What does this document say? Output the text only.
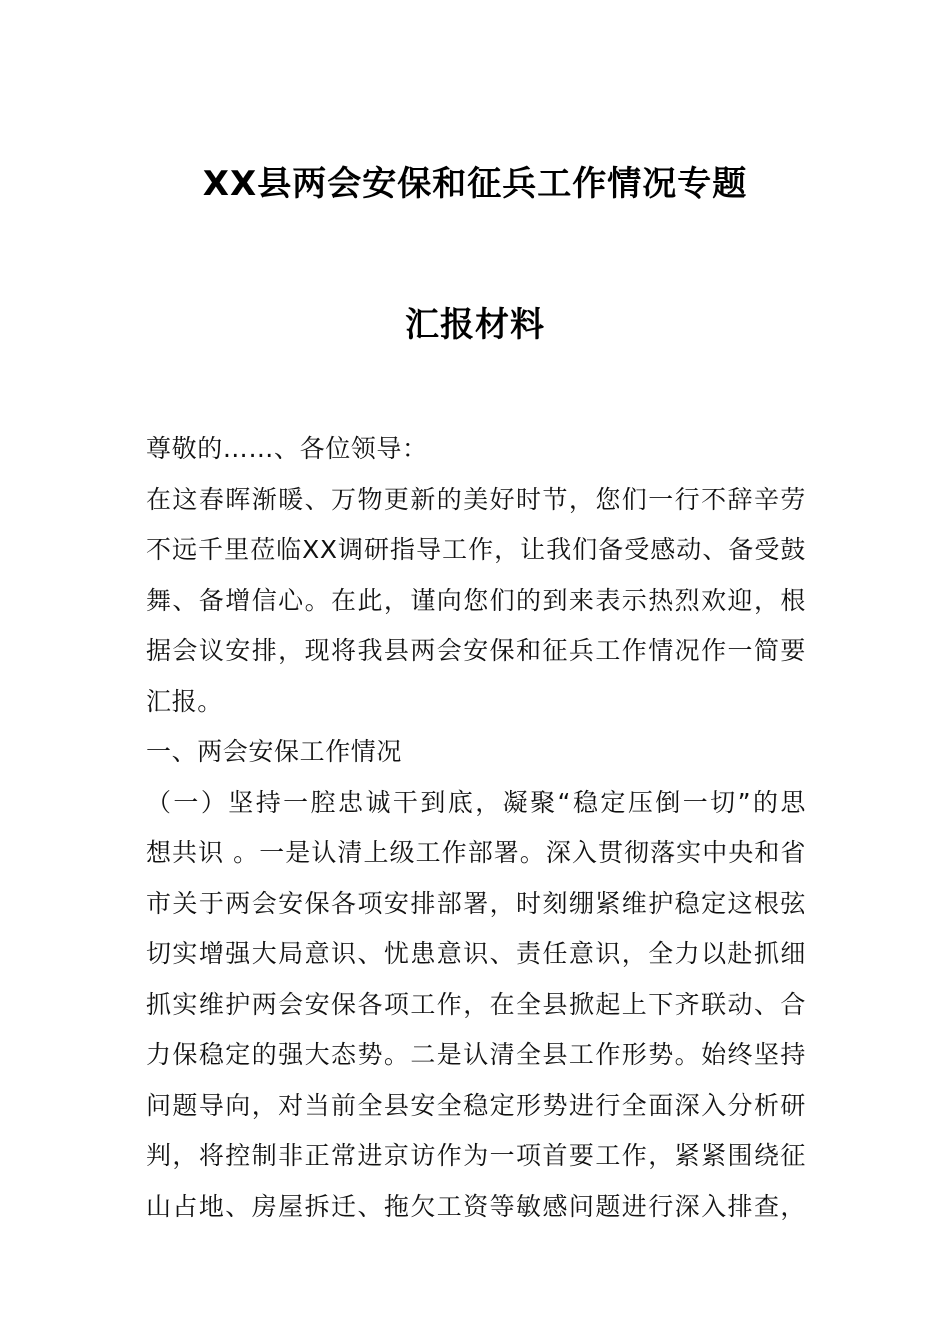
XX县两会安保和征兵工作情况专题
汇报材料
尊敬的……、各位领导：
在这春晖渐暖、万物更新的美好时节，您们一行不辞辛劳
不远千里莅临XX调研指导工作，让我们备受感动、备受鼓
舞、备增信心。在此，谨向您们的到来表示热烈欢迎，根
据会议安排，现将我县两会安保和征兵工作情况作一简要
汇报。
一、两会安保工作情况
（一）坚持一腔忠诚干到底，凝聚“稳定压倒一切”的思
想共识 。一是认清上级工作部署。深入贯彻落实中央和省
市关于两会安保各项安排部署，时刻绷紧维护稳定这根弦
切实增强大局意识、忧患意识、责任意识，全力以赴抓细
抓实维护两会安保各项工作，在全县掀起上下齐联动、合
力保稳定的强大态势。二是认清全县工作形势。始终坚持
问题导向，对当前全县安全稳定形势进行全面深入分析研
判，将控制非正常进京访作为一项首要工作，紧紧围绕征
山占地、房屋拆迁、拖欠工资等敏感问题进行深入排查，
